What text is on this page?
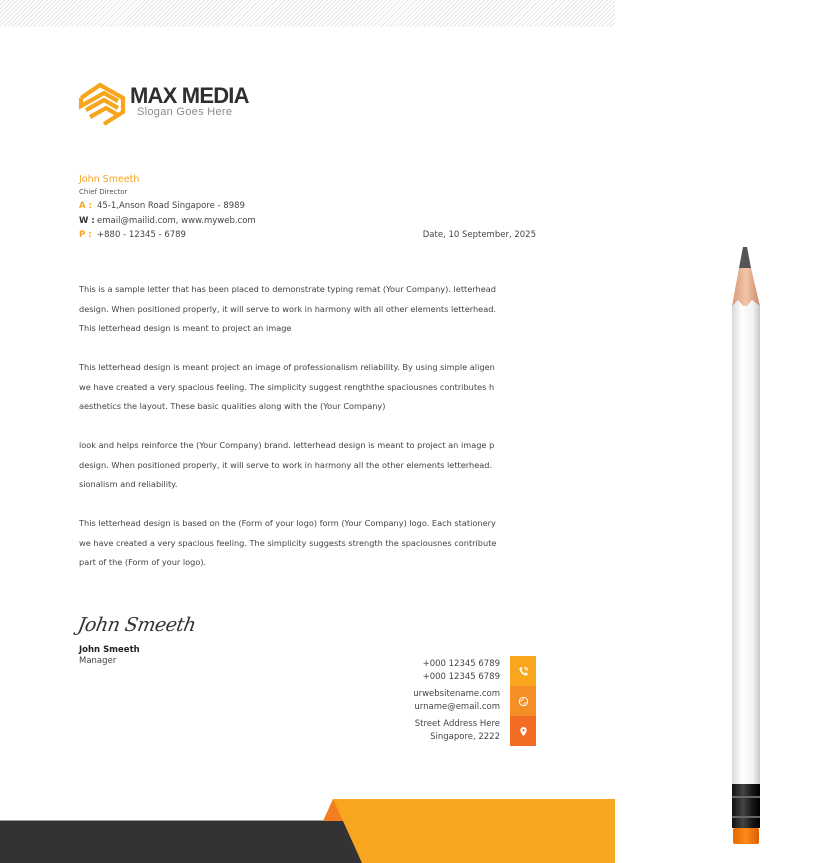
MAX MEDIA
Slogan Goes Here
John Smeeth
Chief Director
A : 45-1,Anson Road Singapore - 8989
W : email@mailid.com, www.myweb.com
P : +880 - 12345 - 6789	Date, 10 September, 2025
This is a sample letter that has been placed to demonstrate typing remat (Your Company). letterhead
design. When positioned properly, it will serve to work in harmony with all other elements letterhead.
This letterhead design is meant to project an image
This letterhead design is meant project an image of professionalism reliability. By using simple aligen
we have created a very spacious feeling. The simplicity suggest rengththe spaciousnes contributes h
aesthetics the layout. These basic qualities along with the (Your Company)
look and helps reinforce the (Your Company) brand. letterhead design is meant to project an image p
design. When positioned properly, it will serve to work in harmony all the other elements letterhead.
sionalism and reliability.
This letterhead design is based on the (Form of your logo) form (Your Company) logo. Each stationery
we have created a very spacious feeling. The simplicity suggests strength the spaciousnes contribute
part of the (Form of your logo).
John Smeeth
John Smeeth
Manager	+000 12345 6789
+000 12345 6789
urwebsitename.com
urname@email.com
Street Address Here
Singapore, 2222
